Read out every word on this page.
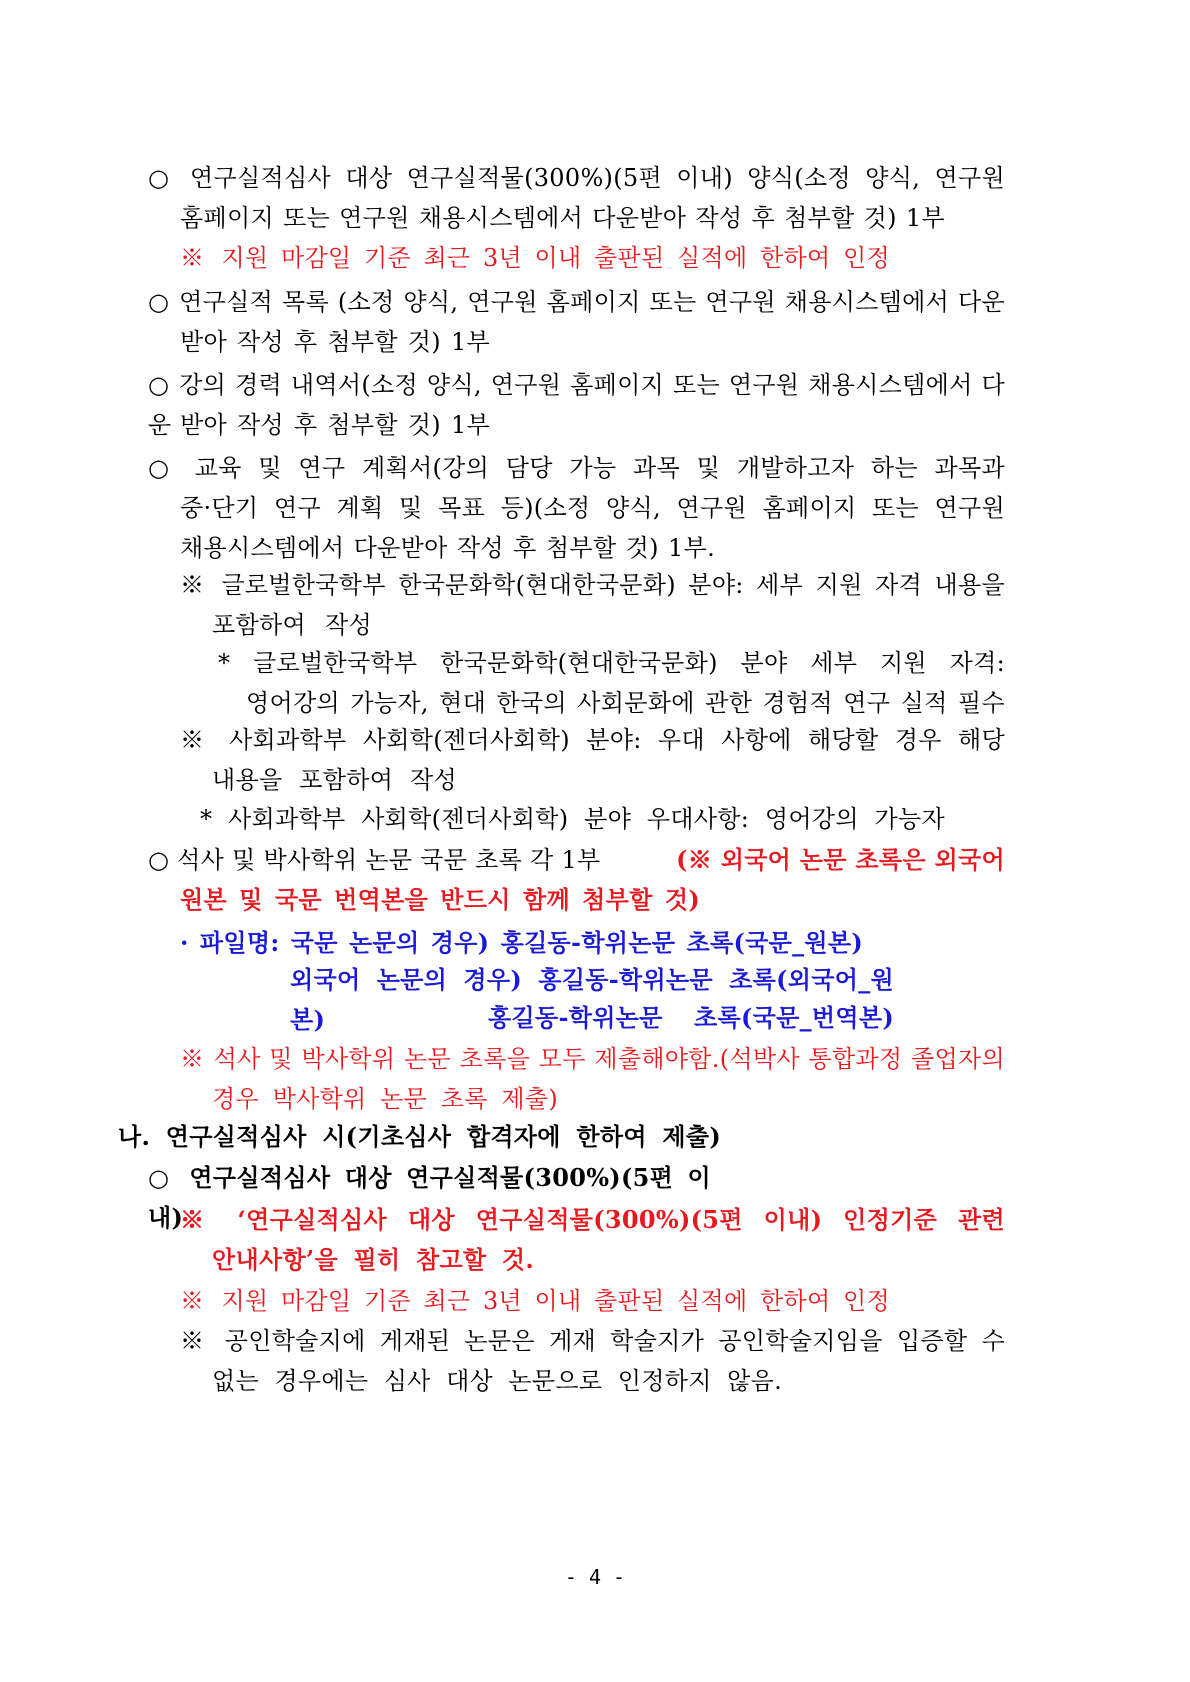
○ 연구실적심사 대상 연구실적물(300%)(5편 이내) 양식(소정 양식, 연구원
홈페이지 또는 연구원 채용시스템에서 다운받아 작성 후 첨부할 것) 1부
※ 지원 마감일 기준 최근 3년 이내 출판된 실적에 한하여 인정
○ 연구실적 목록 (소정 양식, 연구원 홈페이지 또는 연구원 채용시스템에서 다운
받아 작성 후 첨부할 것) 1부
○ 강의 경력 내역서(소정 양식, 연구원 홈페이지 또는 연구원 채용시스템에서 다운 받아 작성 후 첨부할 것) 1부
○ 교육 및 연구 계획서(강의 담당 가능 과목 및 개발하고자 하는 과목과
중·단기 연구 계획 및 목표 등)(소정 양식, 연구원 홈페이지 또는 연구원
채용시스템에서 다운받아 작성 후 첨부할 것) 1부.
※ 글로벌한국학부 한국문화학(현대한국문화) 분야: 세부 지원 자격 내용을
포함하여 작성
* 글로벌한국학부 한국문화학(현대한국문화) 분야 세부 지원 자격:
영어강의 가능자, 현대 한국의 사회문화에 관한 경험적 연구 실적 필수
※ 사회과학부 사회학(젠더사회학) 분야: 우대 사항에 해당할 경우 해당
내용을 포함하여 작성
* 사회과학부 사회학(젠더사회학) 분야 우대사항: 영어강의 가능자
○ 석사 및 박사학위 논문 국문 초록 각 1부	(※ 외국어 논문 초록은 외국어
원본 및 국문 번역본을 반드시 함께 첨부할 것)
· 파일명: 국문 논문의 경우) 홍길동-학위논문 초록(국문_원본)
외국어 논문의 경우) 홍길동-학위논문 초록(외국어_원본)	홍길동-학위논문 초록(국문_번역본)
※ 석사 및 박사학위 논문 초록을 모두 제출해야함.(석박사 통합과정 졸업자의
경우 박사학위 논문 초록 제출)
나. 연구실적심사 시(기초심사 합격자에 한하여 제출)
○ 연구실적심사 대상 연구실적물(300%)(5편 이내)
※ ‘연구실적심사 대상 연구실적물(300%)(5편 이내) 인정기준 관련
안내사항’을 필히 참고할 것.
※ 지원 마감일 기준 최근 3년 이내 출판된 실적에 한하여 인정
※ 공인학술지에 게재된 논문은 게재 학술지가 공인학술지임을 입증할 수
없는 경우에는 심사 대상 논문으로 인정하지 않음.
- 4 -
